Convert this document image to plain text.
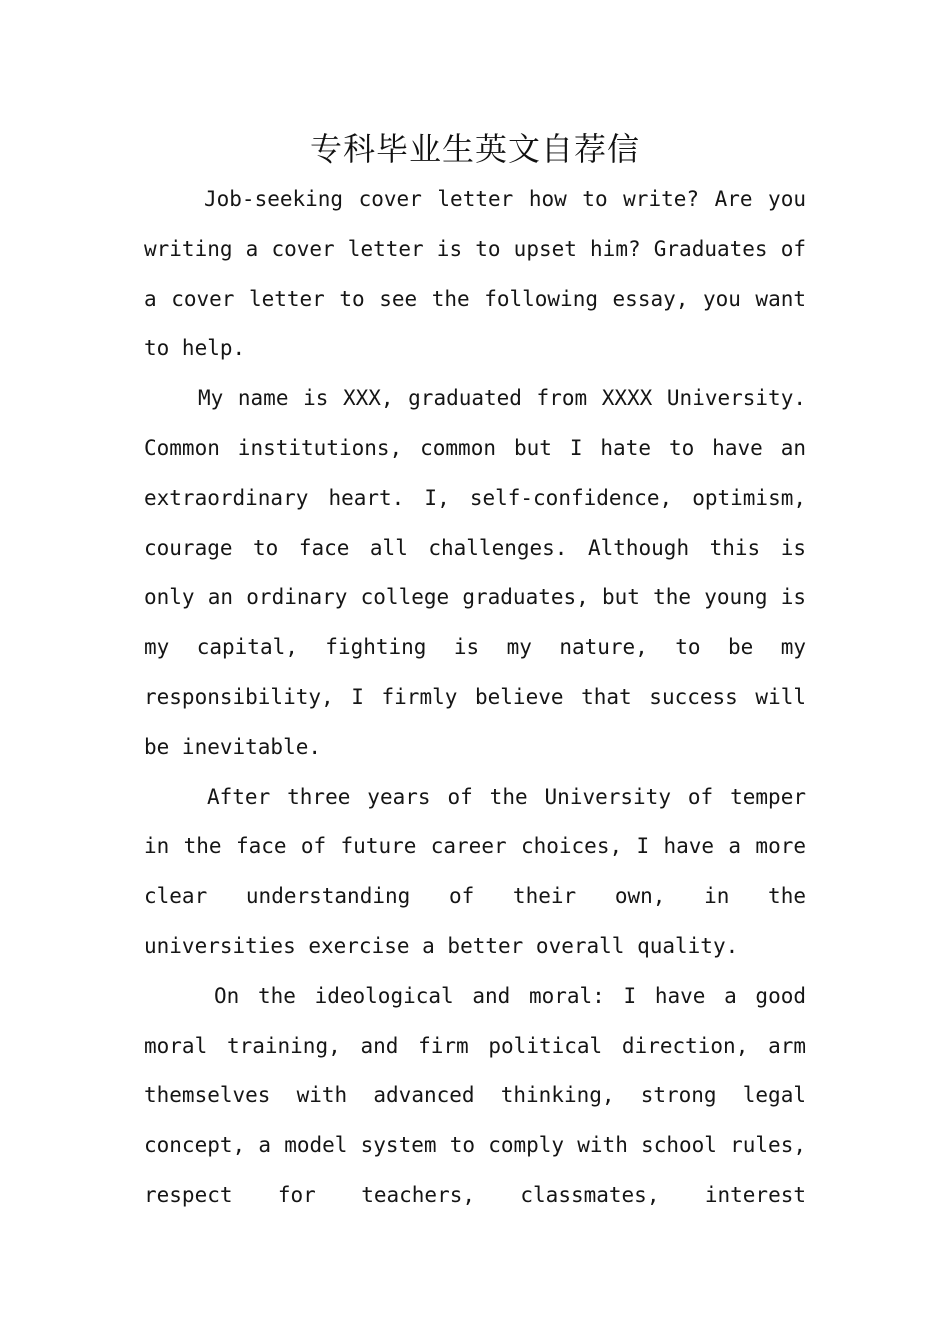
专科毕业生英文自荐信

Job-seeking cover letter how to write? Are you writing a cover letter is to upset him? Graduates of a cover letter to see the following essay, you want to help.

My name is XXX, graduated from XXXX University. Common institutions, common but I hate to have an extraordinary heart. I, self-confidence, optimism, courage to face all challenges. Although this is only an ordinary college graduates, but the young is my capital, fighting is my nature, to be my responsibility, I firmly believe that success will be inevitable.

After three years of the University of temper in the face of future career choices, I have a more clear understanding of their own, in the universities exercise a better overall quality.

On the ideological and moral: I have a good moral training, and firm political direction, arm themselves with advanced thinking, strong legal concept, a model system to comply with school rules, respect for teachers, classmates, interest
